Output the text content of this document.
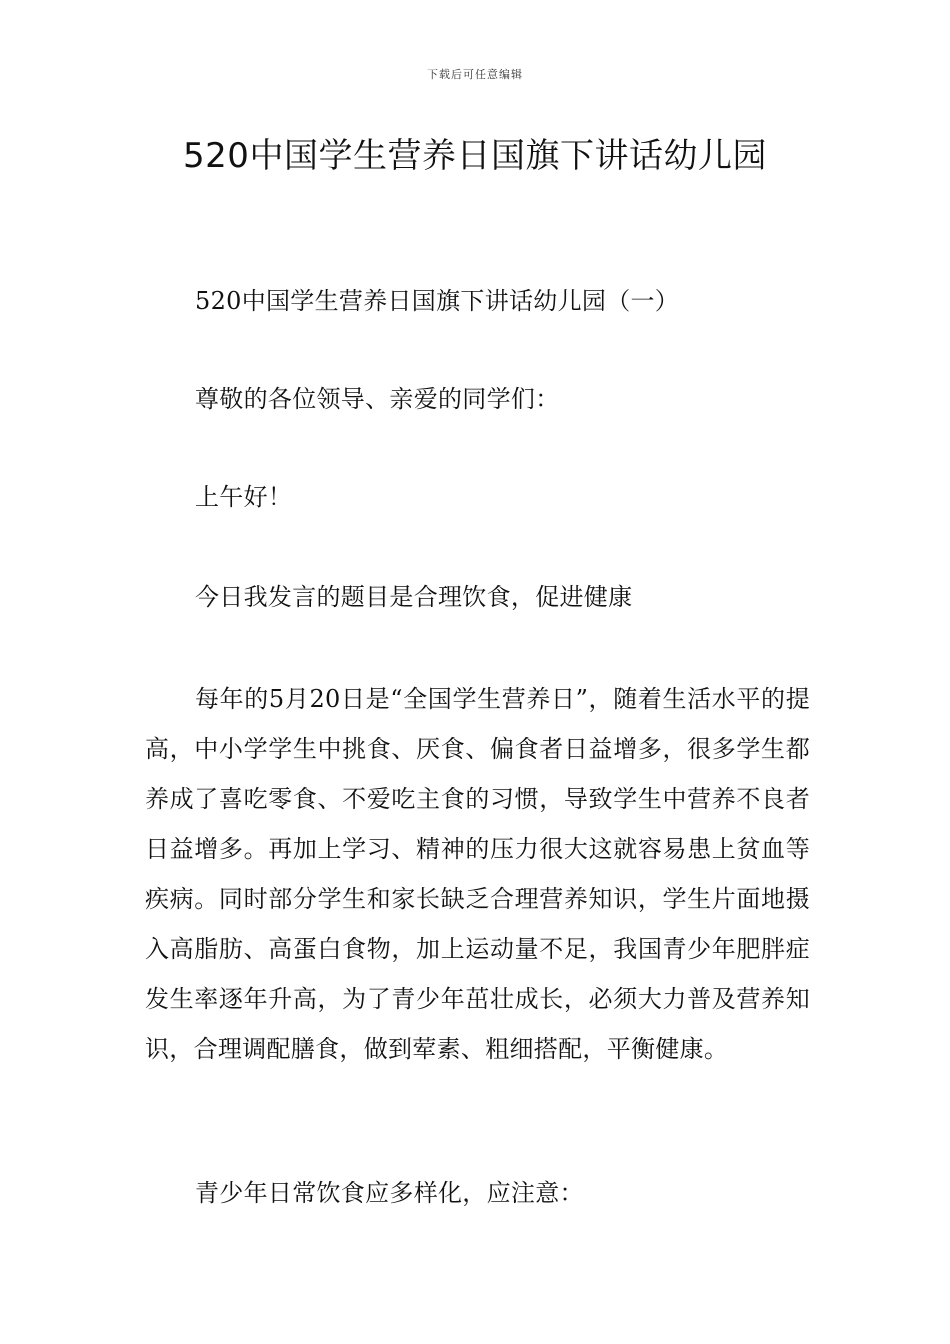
下载后可任意编辑
520中国学生营养日国旗下讲话幼儿园

520中国学生营养日国旗下讲话幼儿园（一）

尊敬的各位领导、亲爱的同学们：

上午好！

今日我发言的题目是合理饮食，促进健康

每年的5月20日是“全国学生营养日”，随着生活水平的提高，中小学学生中挑食、厌食、偏食者日益增多，很多学生都养成了喜吃零食、不爱吃主食的习惯，导致学生中营养不良者日益增多。再加上学习、精神的压力很大这就容易患上贫血等疾病。同时部分学生和家长缺乏合理营养知识，学生片面地摄入高脂肪、高蛋白食物，加上运动量不足，我国青少年肥胖症发生率逐年升高，为了青少年茁壮成长，必须大力普及营养知识，合理调配膳食，做到荤素、粗细搭配，平衡健康。

青少年日常饮食应多样化，应注意：
